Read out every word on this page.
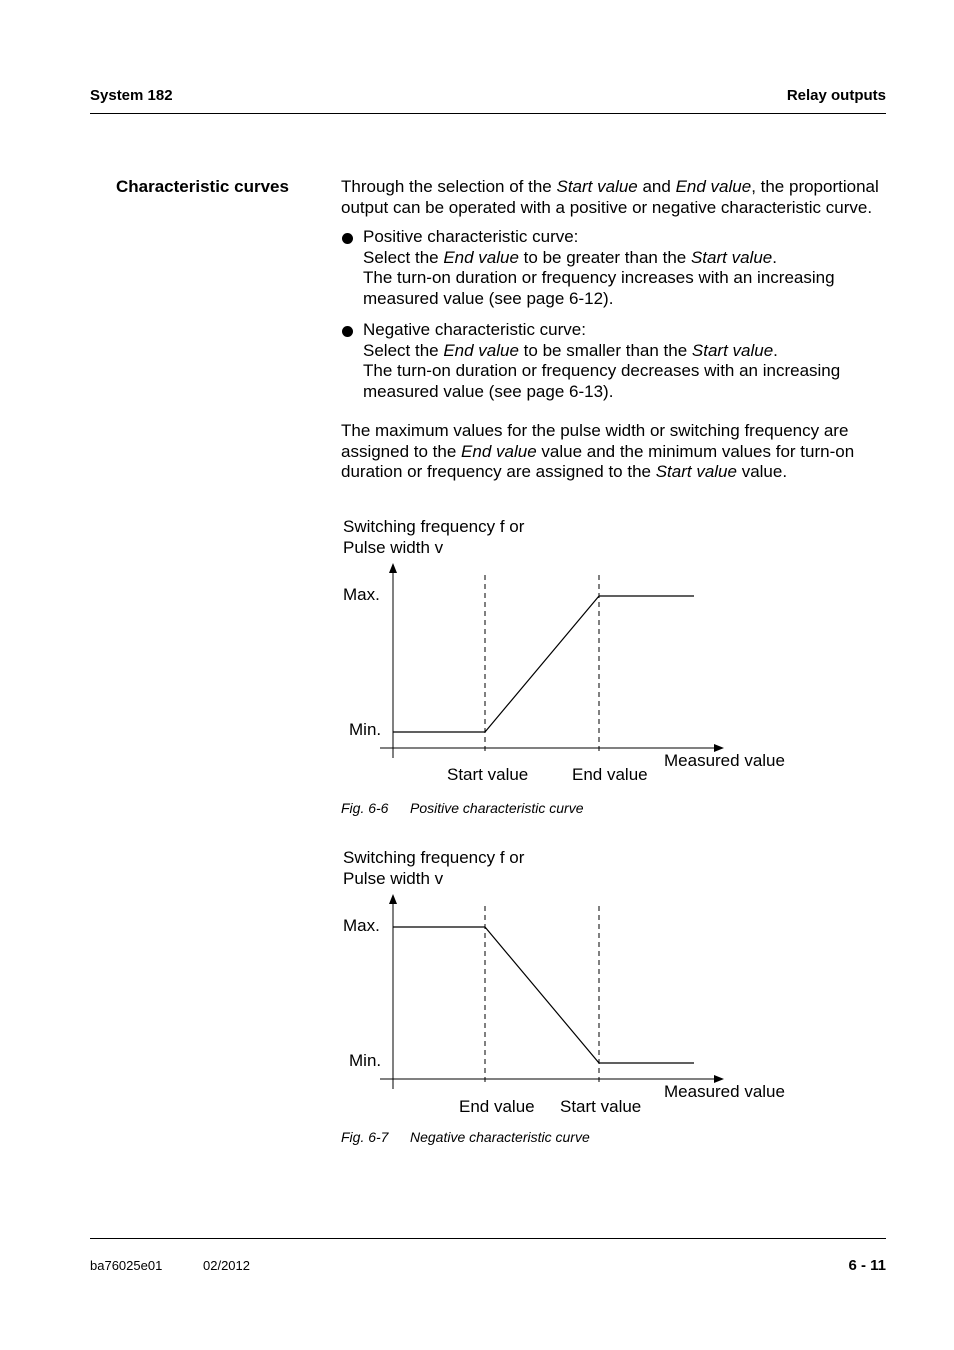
System 182	Relay outputs
Characteristic curves	Through the selection of the Start value and End value, the proportional
output can be operated with a positive or negative characteristic curve.
Positive characteristic curve:
Select the End value to be greater than the Start value.
The turn-on duration or frequency increases with an increasing
measured value (see page 6-12).
Negative characteristic curve:
Select the End value to be smaller than the Start value.
The turn-on duration or frequency decreases with an increasing
measured value (see page 6-13).
The maximum values for the pulse width or switching frequency are
assigned to the End value value and the minimum values for turn-on
duration or frequency are assigned to the Start value value.
Switching frequency f or
Pulse width v
Max.
Min.
Measured value
Start value	End value
Fig. 6-6 Positive characteristic curve
Switching frequency f or
Pulse width v
Max.
Min.
Measured value
End value Start value
Fig. 6-7 Negative characteristic curve
ba76025e01	02/2012	6 - 11
